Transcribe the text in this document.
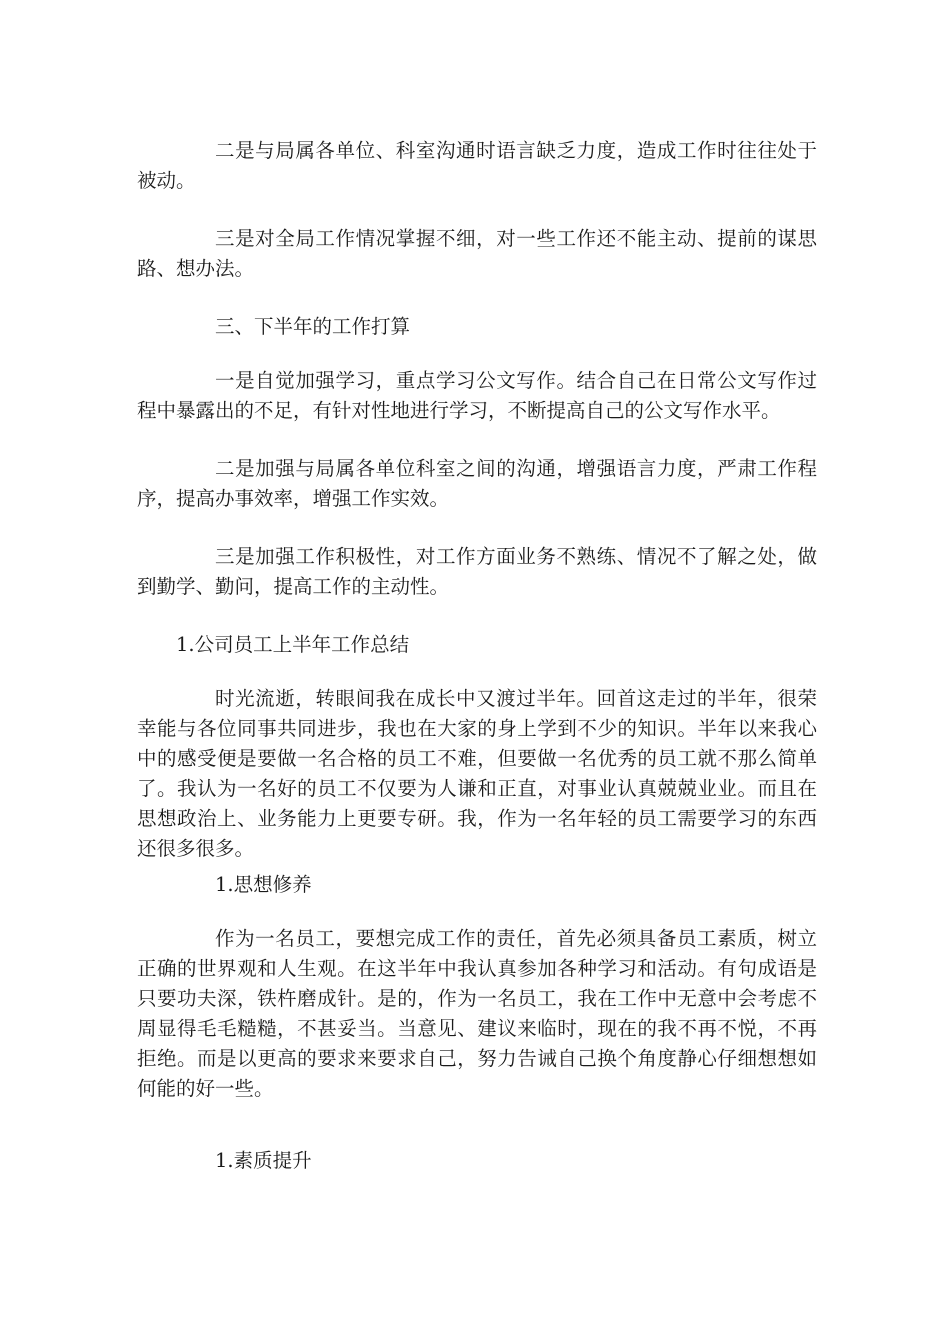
二是与局属各单位、科室沟通时语言缺乏力度，造成工作时往往处于被动。

三是对全局工作情况掌握不细，对一些工作还不能主动、提前的谋思路、想办法。

三、下半年的工作打算

一是自觉加强学习，重点学习公文写作。结合自己在日常公文写作过程中暴露出的不足，有针对性地进行学习，不断提高自己的公文写作水平。

二是加强与局属各单位科室之间的沟通，增强语言力度，严肃工作程序，提高办事效率，增强工作实效。

三是加强工作积极性，对工作方面业务不熟练、情况不了解之处，做到勤学、勤问，提高工作的主动性。

1.公司员工上半年工作总结

时光流逝，转眼间我在成长中又渡过半年。回首这走过的半年，很荣幸能与各位同事共同进步，我也在大家的身上学到不少的知识。半年以来我心中的感受便是要做一名合格的员工不难，但要做一名优秀的员工就不那么简单了。我认为一名好的员工不仅要为人谦和正直，对事业认真兢兢业业。而且在思想政治上、业务能力上更要专研。我，作为一名年轻的员工需要学习的东西还很多很多。

1.思想修养

作为一名员工，要想完成工作的责任，首先必须具备员工素质，树立正确的世界观和人生观。在这半年中我认真参加各种学习和活动。有句成语是只要功夫深，铁杵磨成针。是的，作为一名员工，我在工作中无意中会考虑不周显得毛毛糙糙，不甚妥当。当意见、建议来临时，现在的我不再不悦，不再拒绝。而是以更高的要求来要求自己，努力告诫自己换个角度静心仔细想想如何能的好一些。

1.素质提升
